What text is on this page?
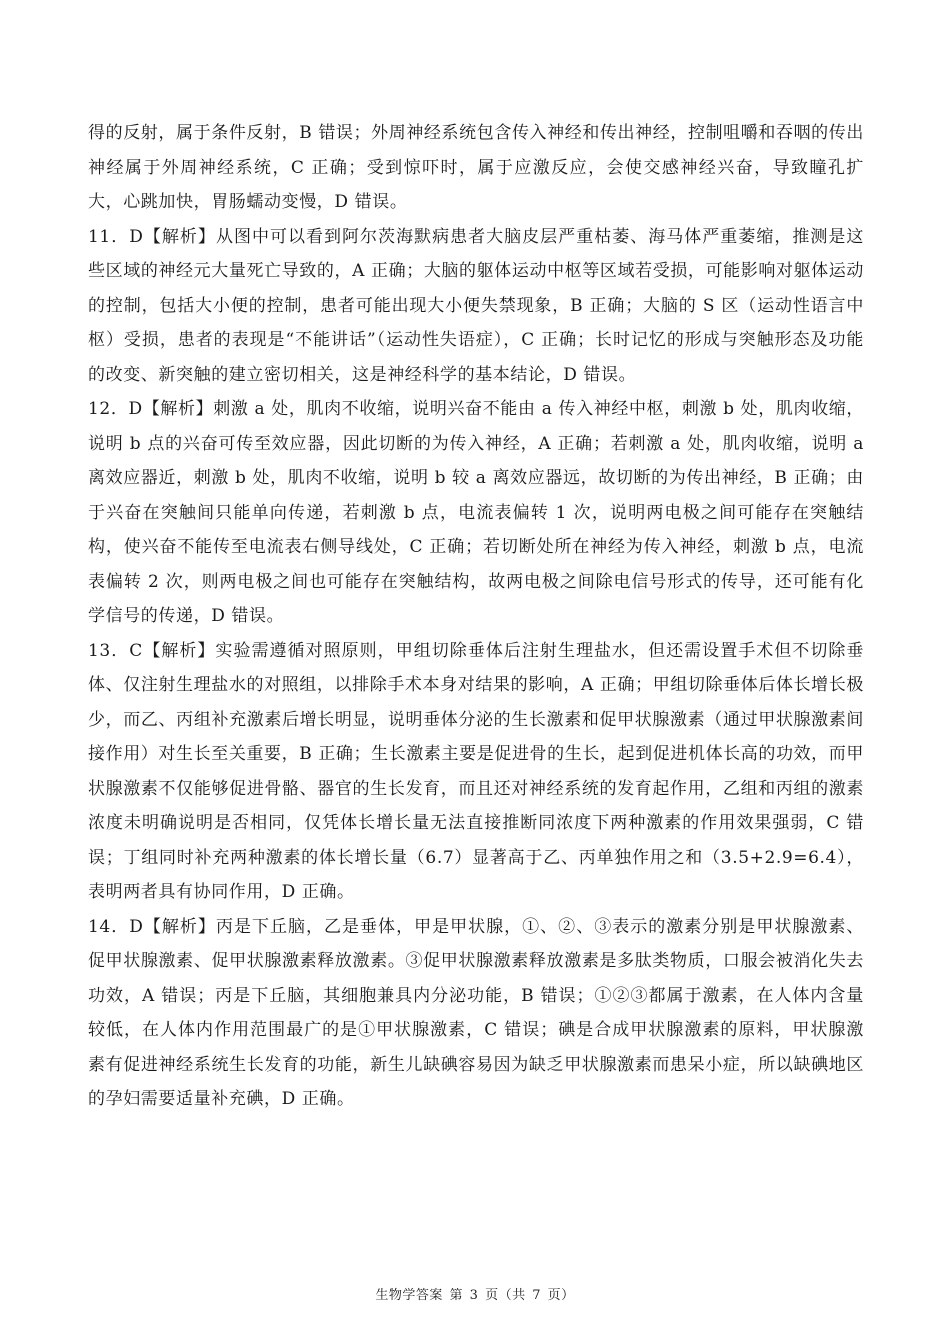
得的反射，属于条件反射，B 错误；外周神经系统包含传入神经和传出神经，控制咀嚼和吞咽的传出神经属于外周神经系统，C 正确；受到惊吓时，属于应激反应，会使交感神经兴奋，导致瞳孔扩大，心跳加快，胃肠蠕动变慢，D 错误。

11．D【解析】从图中可以看到阿尔茨海默病患者大脑皮层严重枯萎、海马体严重萎缩，推测是这些区域的神经元大量死亡导致的，A 正确；大脑的躯体运动中枢等区域若受损，可能影响对躯体运动的控制，包括大小便的控制，患者可能出现大小便失禁现象，B 正确；大脑的 S 区（运动性语言中枢）受损，患者的表现是“不能讲话”（运动性失语症），C 正确；长时记忆的形成与突触形态及功能的改变、新突触的建立密切相关，这是神经科学的基本结论，D 错误。

12．D【解析】刺激 a 处，肌肉不收缩，说明兴奋不能由 a 传入神经中枢，刺激 b 处，肌肉收缩，说明 b 点的兴奋可传至效应器，因此切断的为传入神经，A 正确；若刺激 a 处，肌肉收缩，说明 a 离效应器近，刺激 b 处，肌肉不收缩，说明 b 较 a 离效应器远，故切断的为传出神经，B 正确；由于兴奋在突触间只能单向传递，若刺激 b 点，电流表偏转 1 次，说明两电极之间可能存在突触结构，使兴奋不能传至电流表右侧导线处，C 正确；若切断处所在神经为传入神经，刺激 b 点，电流表偏转 2 次，则两电极之间也可能存在突触结构，故两电极之间除电信号形式的传导，还可能有化学信号的传递，D 错误。

13．C【解析】实验需遵循对照原则，甲组切除垂体后注射生理盐水，但还需设置手术但不切除垂体、仅注射生理盐水的对照组，以排除手术本身对结果的影响，A 正确；甲组切除垂体后体长增长极少，而乙、丙组补充激素后增长明显，说明垂体分泌的生长激素和促甲状腺激素（通过甲状腺激素间接作用）对生长至关重要，B 正确；生长激素主要是促进骨的生长，起到促进机体长高的功效，而甲状腺激素不仅能够促进骨骼、器官的生长发育，而且还对神经系统的发育起作用，乙组和丙组的激素浓度未明确说明是否相同，仅凭体长增长量无法直接推断同浓度下两种激素的作用效果强弱，C 错误；丁组同时补充两种激素的体长增长量（6.7）显著高于乙、丙单独作用之和（3.5+2.9=6.4），表明两者具有协同作用，D 正确。

14．D【解析】丙是下丘脑，乙是垂体，甲是甲状腺，①、②、③表示的激素分别是甲状腺激素、促甲状腺激素、促甲状腺激素释放激素。③促甲状腺激素释放激素是多肽类物质，口服会被消化失去功效，A 错误；丙是下丘脑，其细胞兼具内分泌功能，B 错误；①②③都属于激素，在人体内含量较低，在人体内作用范围最广的是①甲状腺激素，C 错误；碘是合成甲状腺激素的原料，甲状腺激素有促进神经系统生长发育的功能，新生儿缺碘容易因为缺乏甲状腺激素而患呆小症，所以缺碘地区的孕妇需要适量补充碘，D 正确。

生物学答案 第 3 页（共 7 页）
